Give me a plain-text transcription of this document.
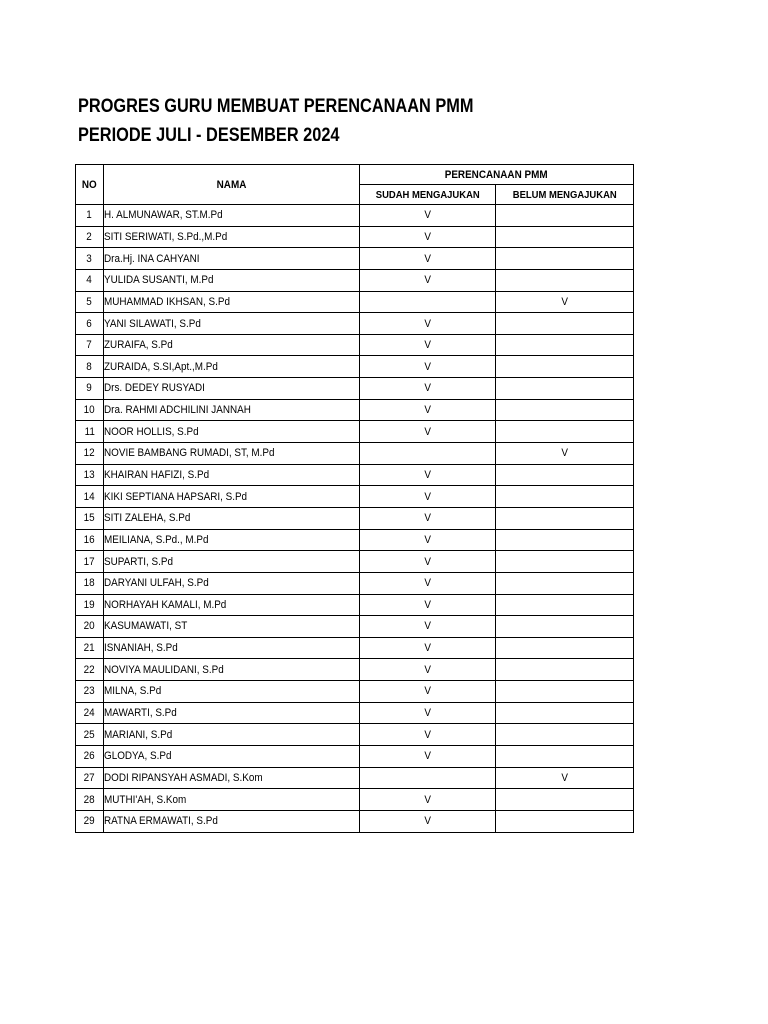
PROGRES GURU MEMBUAT PERENCANAAN PMM
PERIODE JULI - DESEMBER 2024
NO	NAMA	PERENCANAAN PMM	
		SUDAH MENGAJUKAN	BELUM MENGAJUKAN
1	H. ALMUNAWAR, ST.M.Pd	V	
2	SITI SERIWATI, S.Pd.,M.Pd	V	
3	Dra.Hj. INA CAHYANI	V	
4	YULIDA SUSANTI, M.Pd	V	
5	MUHAMMAD IKHSAN, S.Pd		V
6	YANI SILAWATI, S.Pd	V	
7	ZURAIFA, S.Pd	V	
8	ZURAIDA, S.SI,Apt.,M.Pd	V	
9	Drs. DEDEY RUSYADI	V	
10	Dra. RAHMI ADCHILINI JANNAH	V	
11	NOOR HOLLIS, S.Pd	V	
12	NOVIE BAMBANG RUMADI, ST, M.Pd		V
13	KHAIRAN HAFIZI, S.Pd	V	
14	KIKI SEPTIANA HAPSARI, S.Pd	V	
15	SITI ZALEHA, S.Pd	V	
16	MEILIANA, S.Pd., M.Pd	V	
17	SUPARTI, S.Pd	V	
18	DARYANI ULFAH, S.Pd	V	
19	NORHAYAH KAMALI, M.Pd	V	
20	KASUMAWATI, ST	V	
21	ISNANIAH, S.Pd	V	
22	NOVIYA MAULIDANI, S.Pd	V	
23	MILNA, S.Pd	V	
24	MAWARTI, S.Pd	V	
25	MARIANI, S.Pd	V	
26	GLODYA, S.Pd	V	
27	DODI RIPANSYAH ASMADI, S.Kom		V
28	MUTHI'AH, S.Kom	V	
29	RATNA ERMAWATI, S.Pd	V	
